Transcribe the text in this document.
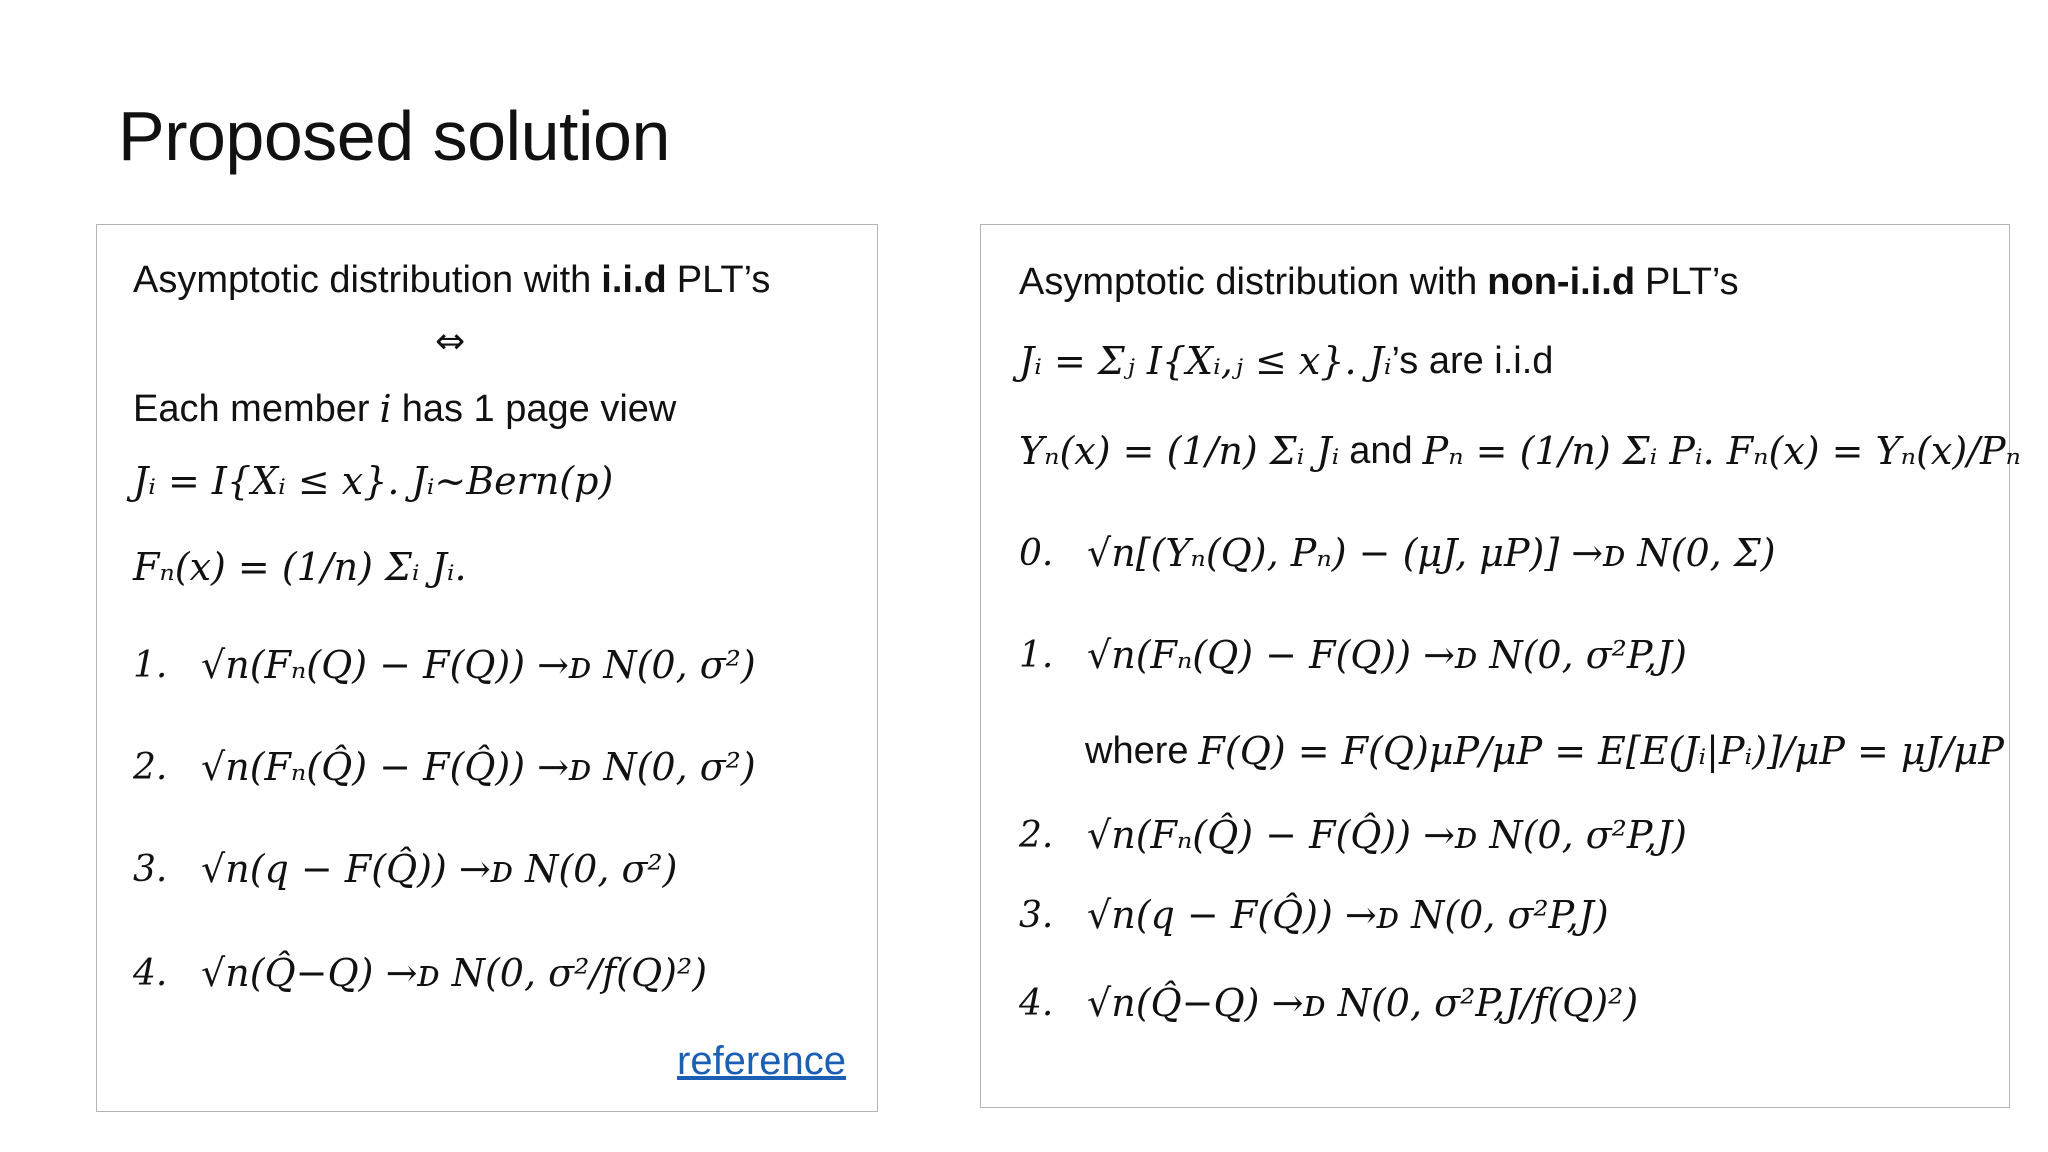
Proposed solution
Asymptotic distribution with i.i.d PLT’s
⇔
Each member i has 1 page view
Jᵢ = I{Xᵢ ≤ x}. Jᵢ~Bern(p)
Fₙ(x) = (1/n) Σᵢ Jᵢ.
1. √n(Fₙ(Q) − F(Q)) →ᴅ N(0, σ²)
2. √n(Fₙ(Q̂) − F(Q̂)) →ᴅ N(0, σ²)
3. √n(q − F(Q̂)) →ᴅ N(0, σ²)
4. √n(Q̂−Q) →ᴅ N(0, σ²/f(Q)²)
reference
Asymptotic distribution with non-i.i.d PLT’s
Jᵢ = Σⱼ I{Xᵢ,ⱼ ≤ x}. Jᵢ ’s are i.i.d
Yₙ(x) = (1/n) Σᵢ Jᵢ and Pₙ = (1/n) Σᵢ Pᵢ. Fₙ(x) = Yₙ(x)/Pₙ
0. √n[(Yₙ(Q), Pₙ) − (μJ, μP)] →ᴅ N(0, Σ)
1. √n(Fₙ(Q) − F(Q)) →ᴅ N(0, σ²P,J)
where F(Q) = F(Q)μP/μP = E[E(Jᵢ|Pᵢ)]/μP = μJ/μP
2. √n(Fₙ(Q̂) − F(Q̂)) →ᴅ N(0, σ²P,J)
3. √n(q − F(Q̂)) →ᴅ N(0, σ²P,J)
4. √n(Q̂−Q) →ᴅ N(0, σ²P,J/f(Q)²)
